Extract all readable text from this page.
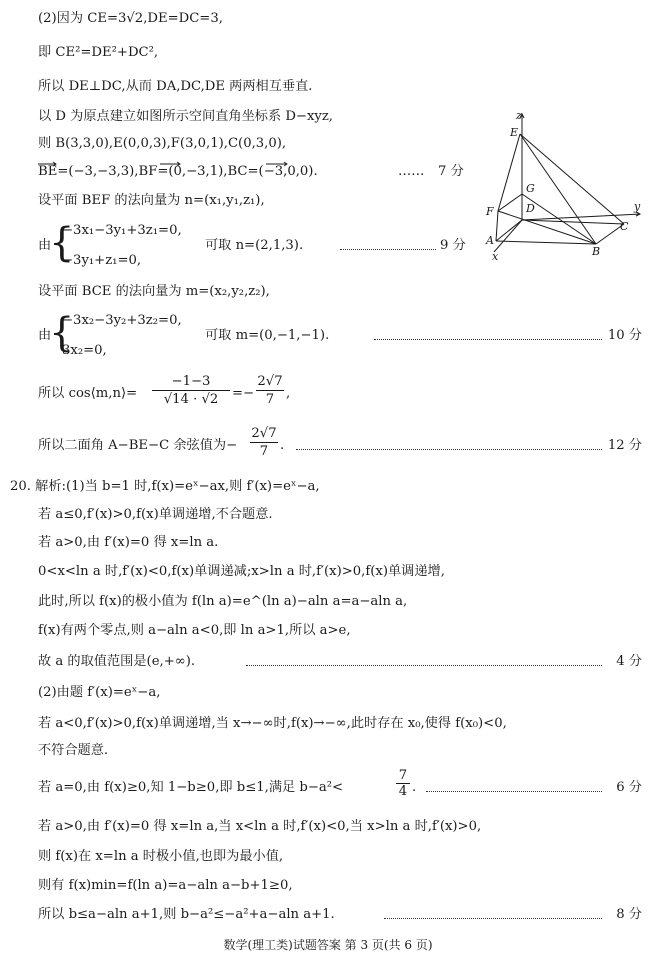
(2)因为 CE=3√2,DE=DC=3,
即 CE²=DE²+DC²,
所以 DE⊥DC,从而 DA,DC,DE 两两相互垂直.
以 D 为原点建立如图所示空间直角坐标系 D−xyz,
则 B(3,3,0),E(0,0,3),F(3,0,1),C(0,3,0),
BE=(−3,−3,3),BF=(0,−3,1),BC=(−3,0,0).	…… 7 分
设平面 BEF 的法向量为 n=(x₁,y₁,z₁),
由
{
−3x₁−3y₁+3z₁=0,
−3y₁+z₁=0,
可取 n=(2,1,3).	9 分
设平面 BCE 的法向量为 m=(x₂,y₂,z₂),
由
{
−3x₂−3y₂+3z₂=0,
3x₂=0,
可取 m=(0,−1,−1).	10 分
所以 cos⟨m,n⟩= $\frac{-1-3}{√14 \cdot √2} =- \frac{2√7}{7}$ ,
所以二面角 A−BE−C 余弦值为− $\frac{2√7}{7}$ .	12 分
z
E
G
D	y
F
C
A
B
x
20. 解析:(1)当 b=1 时,f(x)=eˣ−ax,则 f′(x)=eˣ−a,
若 a≤0,f′(x)>0,f(x)单调递增,不合题意.
若 a>0,由 f′(x)=0 得 x=ln a.
0<x<ln a 时,f′(x)<0,f(x)单调递减;x>ln a 时,f′(x)>0,f(x)单调递增,
此时,所以 f(x)的极小值为 f(ln a)=e^(ln a)−aln a=a−aln a,
f(x)有两个零点,则 a−aln a<0,即 ln a>1,所以 a>e,
故 a 的取值范围是(e,+∞).	4 分
(2)由题 f′(x)=eˣ−a,
若 a<0,f′(x)>0,f(x)单调递增,当 x→−∞时,f(x)→−∞,此时存在 x₀,使得 f(x₀)<0,
不符合题意.
若 a=0,由 f(x)≥0,知 1−b≥0,即 b≤1,满足 b−a²<	$\frac{7}{4}$ .	6 分
若 a>0,由 f′(x)=0 得 x=ln a,当 x<ln a 时,f′(x)<0,当 x>ln a 时,f′(x)>0,
则 f(x)在 x=ln a 时极小值,也即为最小值,
则有 f(x)min=f(ln a)=a−aln a−b+1≥0,
所以 b≤a−aln a+1,则 b−a²≤−a²+a−aln a+1.	8 分
数学(理工类)试题答案 第 3 页(共 6 页)
